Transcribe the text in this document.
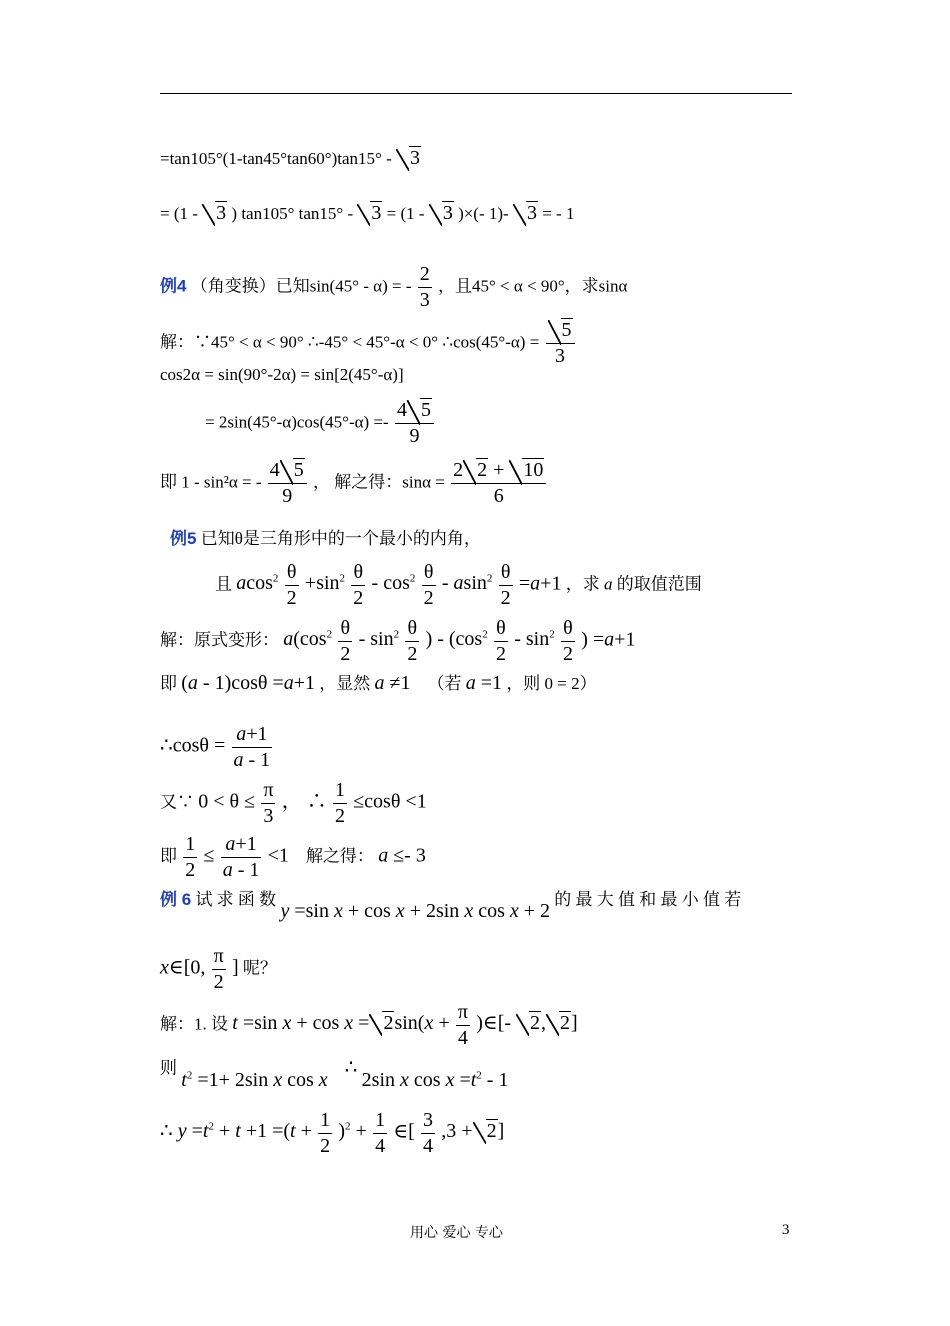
=tan105°(1-tan45°tan60°)tan15° - 3
= (1 - 3 ) tan105° tan15° - 3 = (1 - 3 )×(- 1)- 3 = - 1
例4 （角变换）已知sin(45° - α) = - $\frac{2}{3}$ ，且45° < α < 90°，求sinα
解：∵45° < α < 90° ∴-45° < 45°-α < 0° ∴cos(45°-α) = $\frac{5}{3}$
cos2α = sin(90°-2α) = sin[2(45°-α)]
= $2\sin(45^\circ-\alpha)\cos(45^\circ-\alpha) =- \frac{4 5}{9}$
即 1 - sin²α = - $\frac{4 5}{9}$ ， 解之得：$\sin\alpha = \frac{2 2 + 10}{6}$
例5 已知θ是三角形中的一个最小的内角，
且 $acos^2 \frac{\theta}{2} +\sin^2 \frac{\theta}{2} - \cos^2 \frac{\theta}{2} - asin^2 \frac{\theta}{2} =a+1$ ，求 a 的取值范围
解：原式变形： $a(\cos^2 \frac{\theta}{2} - \sin^2 \frac{\theta}{2}$ ) - ($\cos^2 \frac{\theta}{2} - \sin^2 \frac{\theta}{2}$ ) =a+1
即 (a - 1)cosθ =a+1 ，显然 a ≠1 （若 a =1 ，则 0 = 2）
∴cosθ = $\frac{a+1}{a - 1}$
又∵ $0 < \theta \le \frac{\pi}{3}$ ， ∴ $\frac{1}{2} \le\cos\theta <1$
即 $\frac{1}{2} \le \frac{a+1}{a - 1} <1$ 解之得： a ≤- 3
例 6 试 求 函 数 y =sin x + cos x + 2sin x cos x + 2 的 最 大 值 和 最 小 值 若
x∈[0, $\frac{\pi}{2}$ ] 呢？
解：1. 设 t =sin $x + \cos x = 2\sin(x + \frac{\pi}{4}$ )∈[- 2, 2]
则 $t^2 =1+ 2\sin$ x cos x    ∴ 2sin x $\cos x =t^2 - 1$
∴ $y =t^2 + t +1 =(t + \frac{1}{2} )^2 + \frac{1}{4}$ ∈[ $\frac{3}{4} ,3 + 2$]
用心 爱心 专心	3
